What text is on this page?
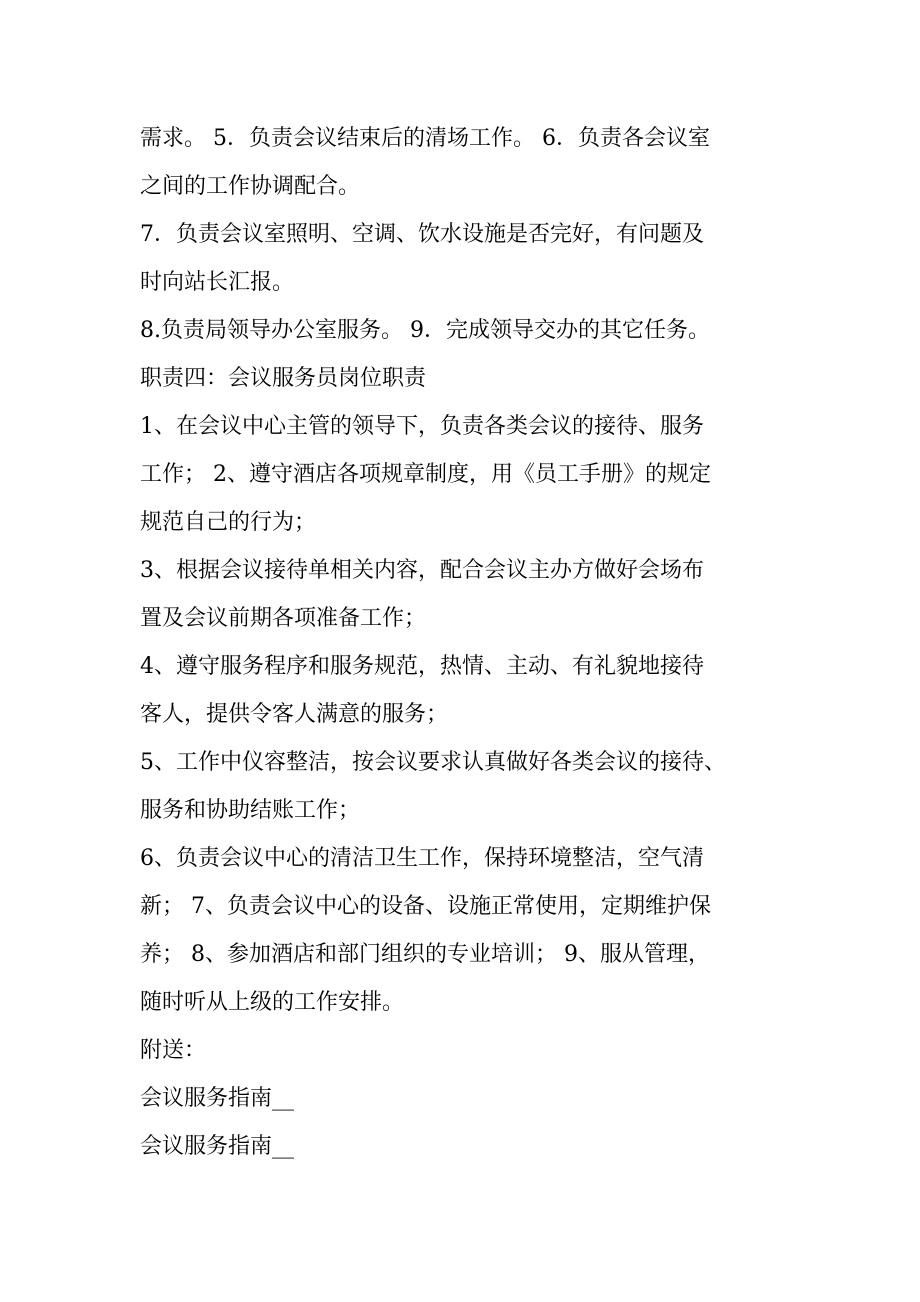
需求。 5．负责会议结束后的清场工作。 6．负责各会议室
之间的工作协调配合。
7．负责会议室照明、空调、饮水设施是否完好，有问题及
时向站长汇报。
8.负责局领导办公室服务。 9．完成领导交办的其它任务。
职责四：会议服务员岗位职责
1、在会议中心主管的领导下，负责各类会议的接待、服务
工作； 2、遵守酒店各项规章制度，用《员工手册》的规定
规范自己的行为；
3、根据会议接待单相关内容，配合会议主办方做好会场布
置及会议前期各项准备工作；
4、遵守服务程序和服务规范，热情、主动、有礼貌地接待
客人，提供令客人满意的服务；
5、工作中仪容整洁，按会议要求认真做好各类会议的接待、
服务和协助结账工作；
6、负责会议中心的清洁卫生工作，保持环境整洁，空气清
新； 7、负责会议中心的设备、设施正常使用，定期维护保
养； 8、参加酒店和部门组织的专业培训； 9、服从管理，
随时听从上级的工作安排。
附送：
会议服务指南__
会议服务指南__
